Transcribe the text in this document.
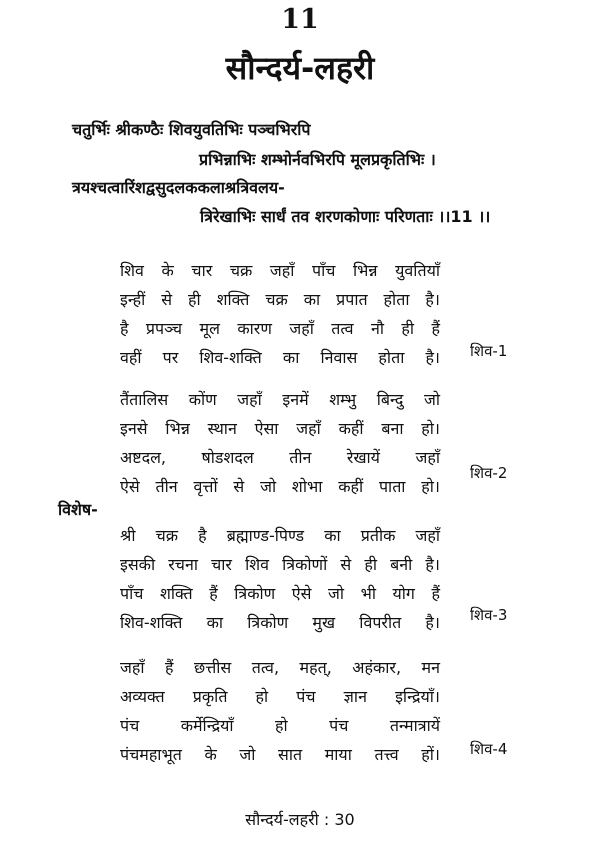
11
सौन्दर्य-लहरी
चतुर्भिः श्रीकण्ठैः शिवयुवतिभिः पञ्चभिरपि
प्रभिन्नाभिः शम्भोर्नवभिरपि मूलप्रकृतिभिः ।
त्रयश्चत्वारिंशद्वसुदलककलाश्रत्रिवलय-
त्रिरेखाभिः सार्धं तव शरणकोणाः परिणताः ।।11 ।।
शिव के चार चक्र जहाँ पाँच भिन्न युवतियाँ
इन्हीं से ही शक्ति चक्र का प्रपात होता है।
है प्रपञ्च मूल कारण जहाँ तत्व नौ ही हैं
वहीं पर शिव-शक्ति का निवास होता है। शिव-1
तैंतालिस कोंण जहाँ इनमें शम्भु बिन्दु जो
इनसे भिन्न स्थान ऐसा जहाँ कहीं बना हो।
अष्टदल, षोडशदल तीन रेखायें जहाँ
ऐसे तीन वृत्तों से जो शोभा कहीं पाता हो।
शिव-2
विशेष-
श्री चक्र है ब्रह्माण्ड-पिण्ड का प्रतीक जहाँ
इसकी रचना चार शिव त्रिकोणों से ही बनी है।
पाँच शक्ति हैं त्रिकोण ऐसे जो भी योग हैं
शिव-शक्ति का त्रिकोण मुख विपरीत है। शिव-3
जहाँ हैं छत्तीस तत्व, महत्, अहंकार, मन
अव्यक्त प्रकृति हो पंच ज्ञान इन्द्रियाँ।
पंच कर्मेन्द्रियाँ हो पंच तन्मात्रायें
पंचमहाभूत के जो सात माया तत्त्व हों। शिव-4
सौन्दर्य-लहरी : 30
